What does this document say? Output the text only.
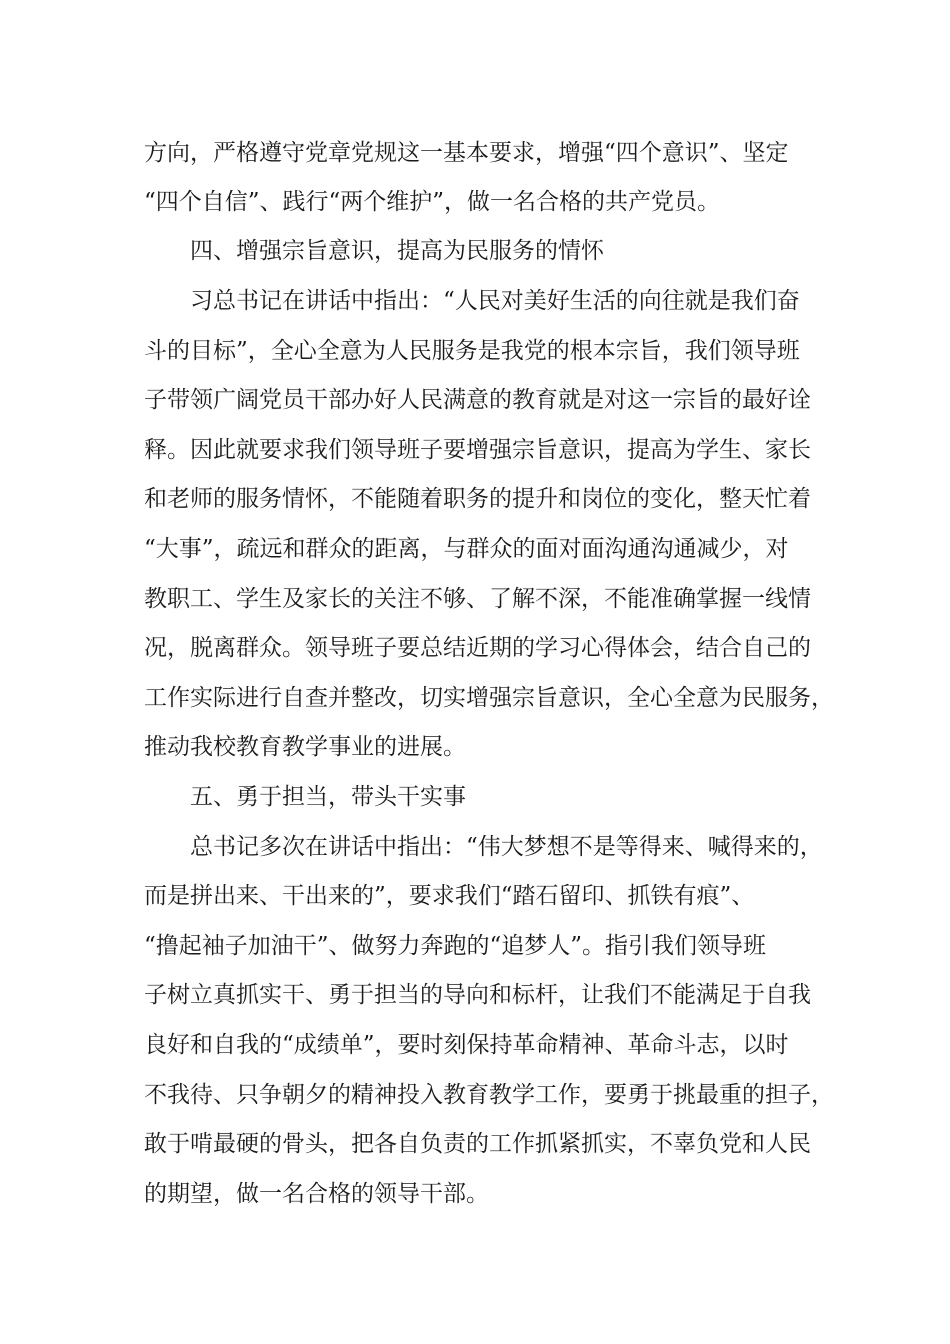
方向，严格遵守党章党规这一基本要求，增强“四个意识”、坚定
“四个自信”、践行“两个维护”，做一名合格的共产党员。
四、增强宗旨意识，提高为民服务的情怀
习总书记在讲话中指出：“人民对美好生活的向往就是我们奋
斗的目标”，全心全意为人民服务是我党的根本宗旨，我们领导班
子带领广阔党员干部办好人民满意的教育就是对这一宗旨的最好诠
释。因此就要求我们领导班子要增强宗旨意识，提高为学生、家长
和老师的服务情怀，不能随着职务的提升和岗位的变化，整天忙着
“大事”，疏远和群众的距离，与群众的面对面沟通沟通减少，对
教职工、学生及家长的关注不够、了解不深，不能准确掌握一线情
况，脱离群众。领导班子要总结近期的学习心得体会，结合自己的
工作实际进行自查并整改，切实增强宗旨意识，全心全意为民服务，
推动我校教育教学事业的进展。
五、勇于担当，带头干实事
总书记多次在讲话中指出：“伟大梦想不是等得来、喊得来的，
而是拼出来、干出来的”，要求我们“踏石留印、抓铁有痕”、
“撸起袖子加油干”、做努力奔跑的“追梦人”。指引我们领导班
子树立真抓实干、勇于担当的导向和标杆，让我们不能满足于自我
良好和自我的“成绩单”，要时刻保持革命精神、革命斗志，以时
不我待、只争朝夕的精神投入教育教学工作，要勇于挑最重的担子，
敢于啃最硬的骨头，把各自负责的工作抓紧抓实，不辜负党和人民
的期望，做一名合格的领导干部。
